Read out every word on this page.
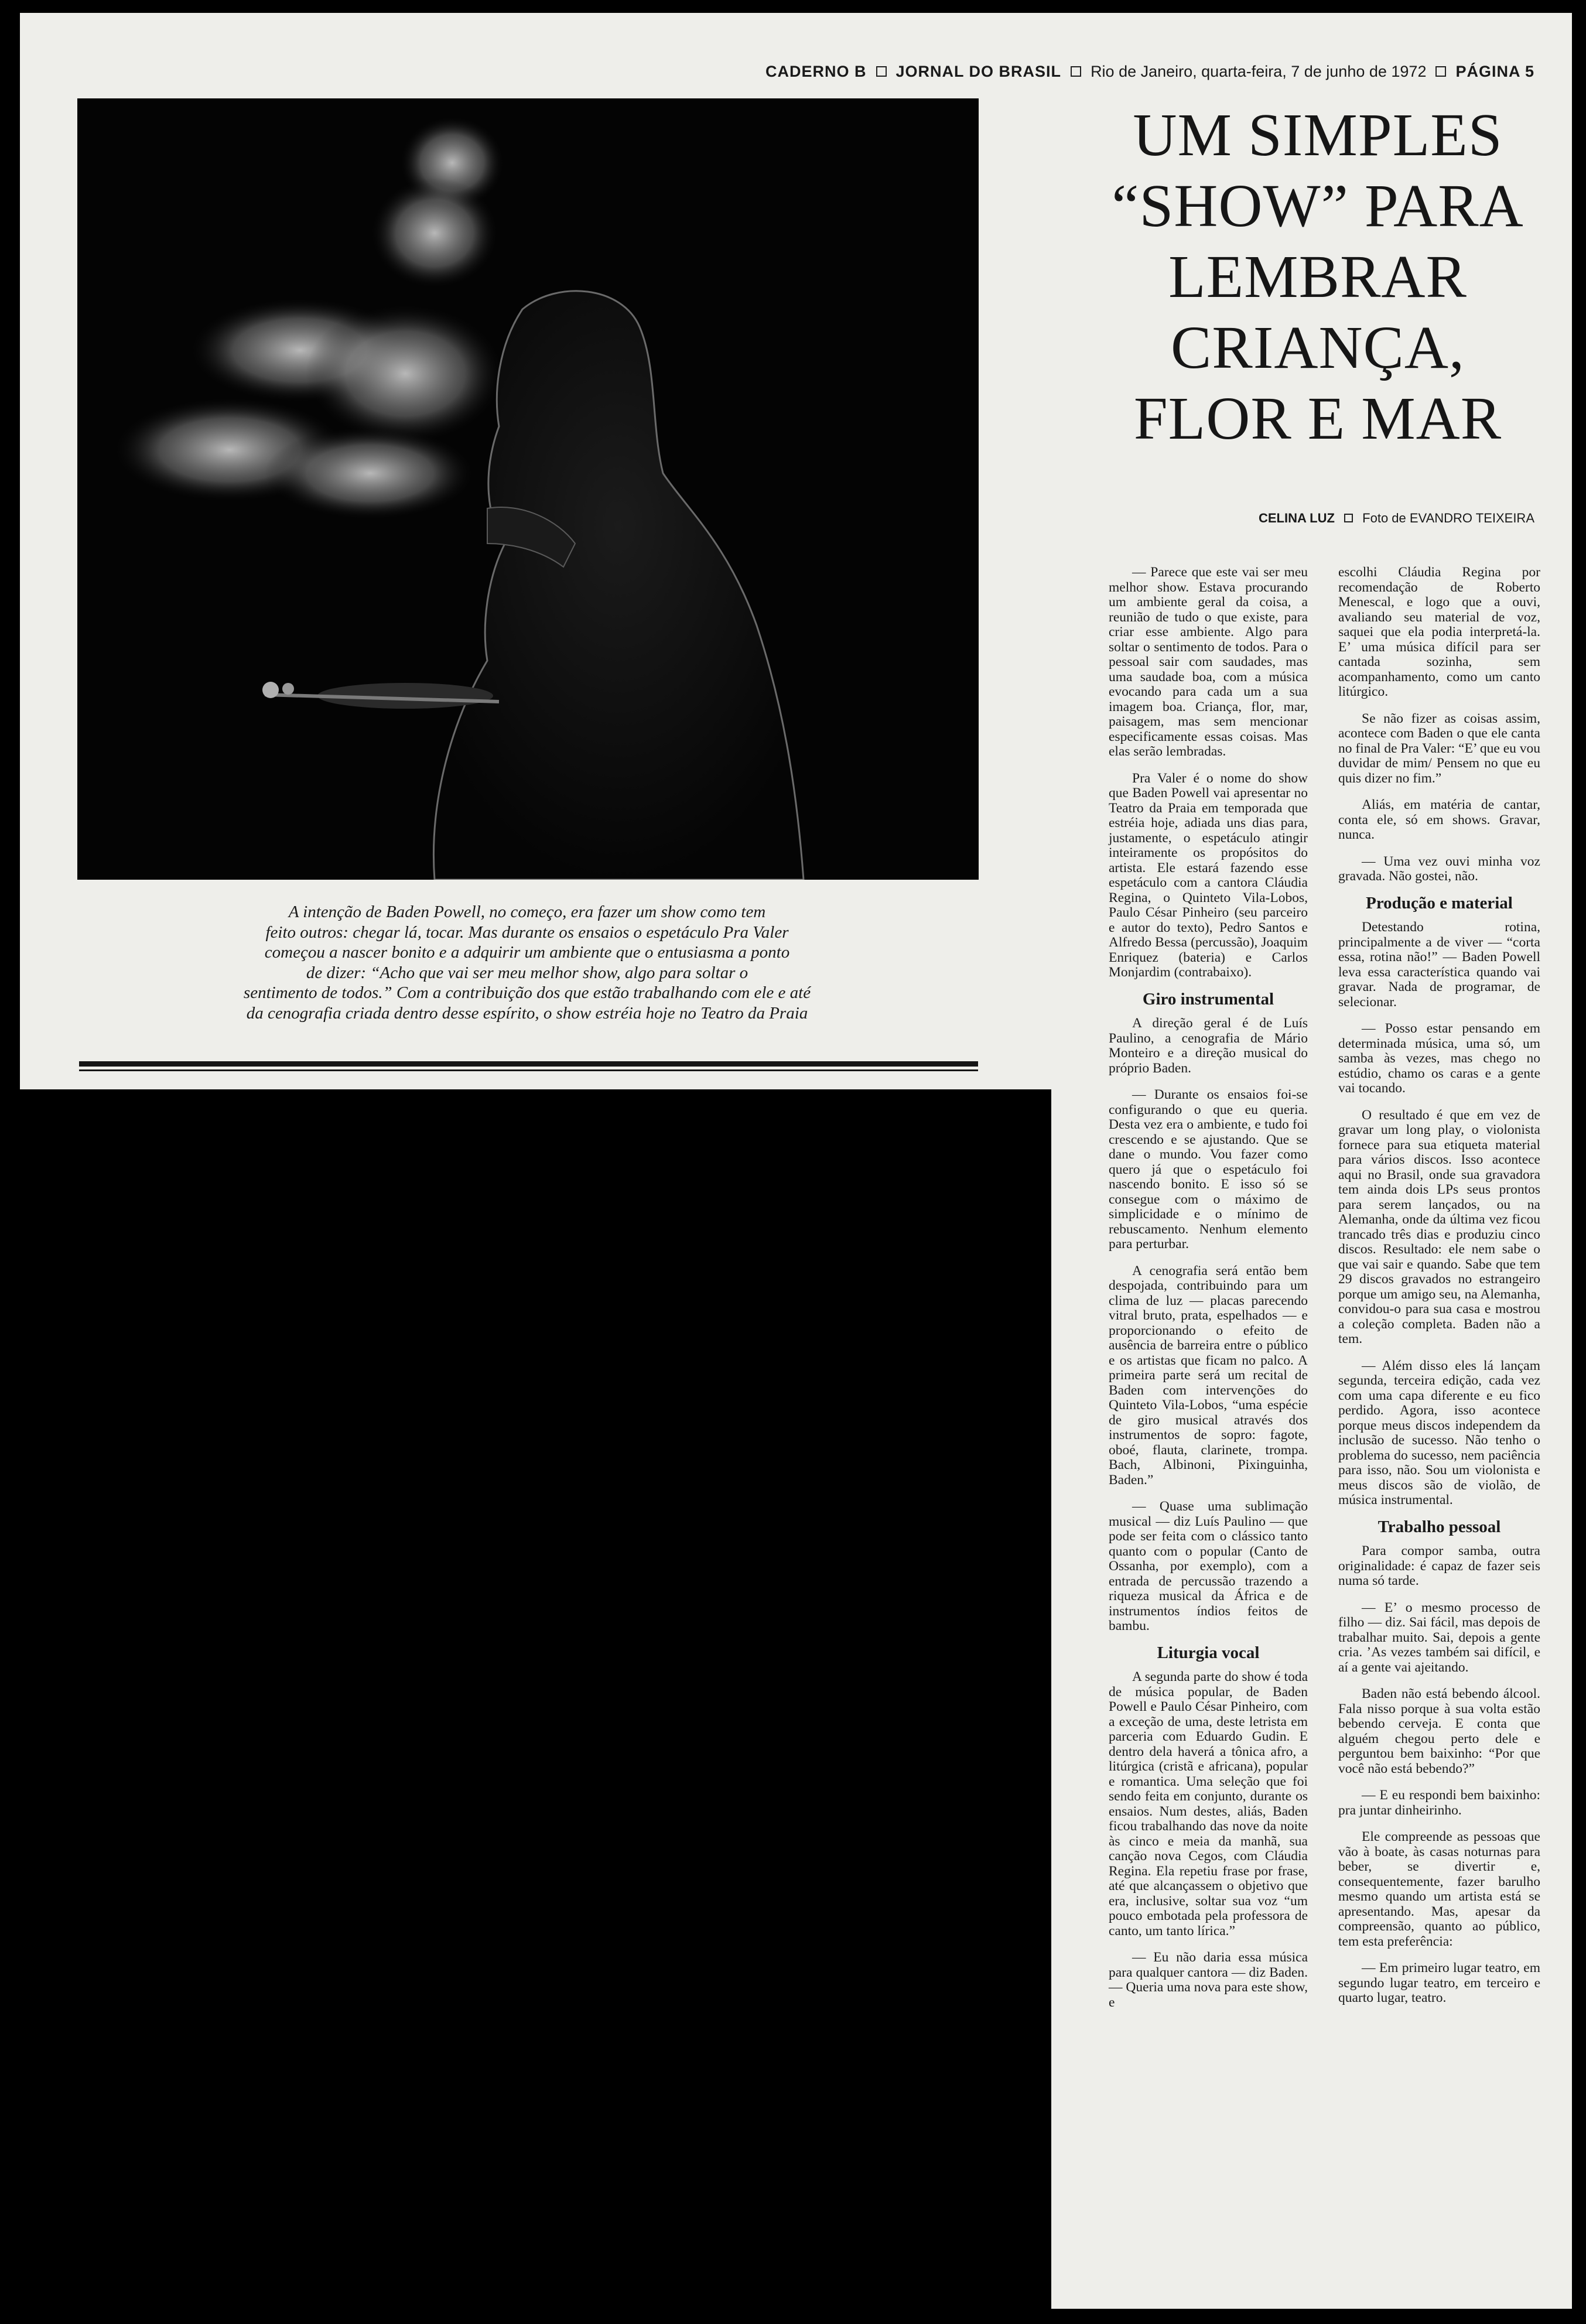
CADERNO B JORNAL DO BRASIL Rio de Janeiro, quarta-feira, 7 de junho de 1972 PÁGINA 5
UM SIMPLES
“SHOW” PARA
LEMBRAR
CRIANÇA,
FLOR E MAR
CELINA LUZ Foto de EVANDRO TEIXEIRA
A intenção de Baden Powell, no começo, era fazer um show como tem
feito outros: chegar lá, tocar. Mas durante os ensaios o espetáculo Pra Valer
começou a nascer bonito e a adquirir um ambiente que o entusiasma a ponto
de dizer: “Acho que vai ser meu melhor show, algo para soltar o
sentimento de todos.” Com a contribuição dos que estão trabalhando com ele e até
da cenografia criada dentro desse espírito, o show estréia hoje no Teatro da Praia

— Parece que este vai ser meu melhor show. Estava procurando um ambiente geral da coisa, a reunião de tudo o que existe, para criar esse ambiente. Algo para soltar o sentimento de todos. Para o pessoal sair com saudades, mas uma saudade boa, com a música evocando para cada um a sua imagem boa. Criança, flor, mar, paisagem, mas sem mencionar especificamente essas coisas. Mas elas serão lembradas.

Pra Valer é o nome do show que Baden Powell vai apresentar no Teatro da Praia em temporada que estréia hoje, adiada uns dias para, justamente, o espetáculo atingir inteiramente os propósitos do artista. Ele estará fazendo esse espetáculo com a cantora Cláudia Regina, o Quinteto Vila-Lobos, Paulo César Pinheiro (seu parceiro e autor do texto), Pedro Santos e Alfredo Bessa (percussão), Joaquim Enriquez (bateria) e Carlos Monjardim (contrabaixo).

Giro instrumental

A direção geral é de Luís Paulino, a cenografia de Mário Monteiro e a direção musical do próprio Baden.

— Durante os ensaios foi-se configurando o que eu queria. Desta vez era o ambiente, e tudo foi crescendo e se ajustando. Que se dane o mundo. Vou fazer como quero já que o espetáculo foi nascendo bonito. E isso só se consegue com o máximo de simplicidade e o mínimo de rebuscamento. Nenhum elemento para perturbar.

A cenografia será então bem despojada, contribuindo para um clima de luz — placas parecendo vitral bruto, prata, espelhados — e proporcionando o efeito de ausência de barreira entre o público e os artistas que ficam no palco. A primeira parte será um recital de Baden com intervenções do Quinteto Vila-Lobos, “uma espécie de giro musical através dos instrumentos de sopro: fagote, oboé, flauta, clarinete, trompa. Bach, Albinoni, Pixinguinha, Baden.”

— Quase uma sublimação musical — diz Luís Paulino — que pode ser feita com o clássico tanto quanto com o popular (Canto de Ossanha, por exemplo), com a entrada de percussão trazendo a riqueza musical da África e de instrumentos índios feitos de bambu.

Liturgia vocal

A segunda parte do show é toda de música popular, de Baden Powell e Paulo César Pinheiro, com a exceção de uma, deste letrista em parceria com Eduardo Gudin. E dentro dela haverá a tônica afro, a litúrgica (cristã e africana), popular e romantica. Uma seleção que foi sendo feita em conjunto, durante os ensaios. Num destes, aliás, Baden ficou trabalhando das nove da noite às cinco e meia da manhã, sua canção nova Cegos, com Cláudia Regina. Ela repetiu frase por frase, até que alcançassem o objetivo que era, inclusive, soltar sua voz “um pouco embotada pela professora de canto, um tanto lírica.”

— Eu não daria essa música para qualquer cantora — diz Baden. — Queria uma nova para este show, e

escolhi Cláudia Regina por recomendação de Roberto Menescal, e logo que a ouvi, avaliando seu material de voz, saquei que ela podia interpretá-la. E’ uma música difícil para ser cantada sozinha, sem acompanhamento, como um canto litúrgico.

Se não fizer as coisas assim, acontece com Baden o que ele canta no final de Pra Valer: “E’ que eu vou duvidar de mim/ Pensem no que eu quis dizer no fim.”

Aliás, em matéria de cantar, conta ele, só em shows. Gravar, nunca.

— Uma vez ouvi minha voz gravada. Não gostei, não.

Produção e material

Detestando rotina, principalmente a de viver — “corta essa, rotina não!” — Baden Powell leva essa característica quando vai gravar. Nada de programar, de selecionar.

— Posso estar pensando em determinada música, uma só, um samba às vezes, mas chego no estúdio, chamo os caras e a gente vai tocando.

O resultado é que em vez de gravar um long play, o violonista fornece para sua etiqueta material para vários discos. Isso acontece aqui no Brasil, onde sua gravadora tem ainda dois LPs seus prontos para serem lançados, ou na Alemanha, onde da última vez ficou trancado três dias e produziu cinco discos. Resultado: ele nem sabe o que vai sair e quando. Sabe que tem 29 discos gravados no estrangeiro porque um amigo seu, na Alemanha, convidou-o para sua casa e mostrou a coleção completa. Baden não a tem.

— Além disso eles lá lançam segunda, terceira edição, cada vez com uma capa diferente e eu fico perdido. Agora, isso acontece porque meus discos independem da inclusão de sucesso. Não tenho o problema do sucesso, nem paciência para isso, não. Sou um violonista e meus discos são de violão, de música instrumental.

Trabalho pessoal

Para compor samba, outra originalidade: é capaz de fazer seis numa só tarde.

— E’ o mesmo processo de filho — diz. Sai fácil, mas depois de trabalhar muito. Sai, depois a gente cria. ’As vezes também sai difícil, e aí a gente vai ajeitando.

Baden não está bebendo álcool. Fala nisso porque à sua volta estão bebendo cerveja. E conta que alguém chegou perto dele e perguntou bem baixinho: “Por que você não está bebendo?”

— E eu respondi bem baixinho: pra juntar dinheirinho.

Ele compreende as pessoas que vão à boate, às casas noturnas para beber, se divertir e, consequentemente, fazer barulho mesmo quando um artista está se apresentando. Mas, apesar da compreensão, quanto ao público, tem esta preferência:

— Em primeiro lugar teatro, em segundo lugar teatro, em terceiro e quarto lugar, teatro.
